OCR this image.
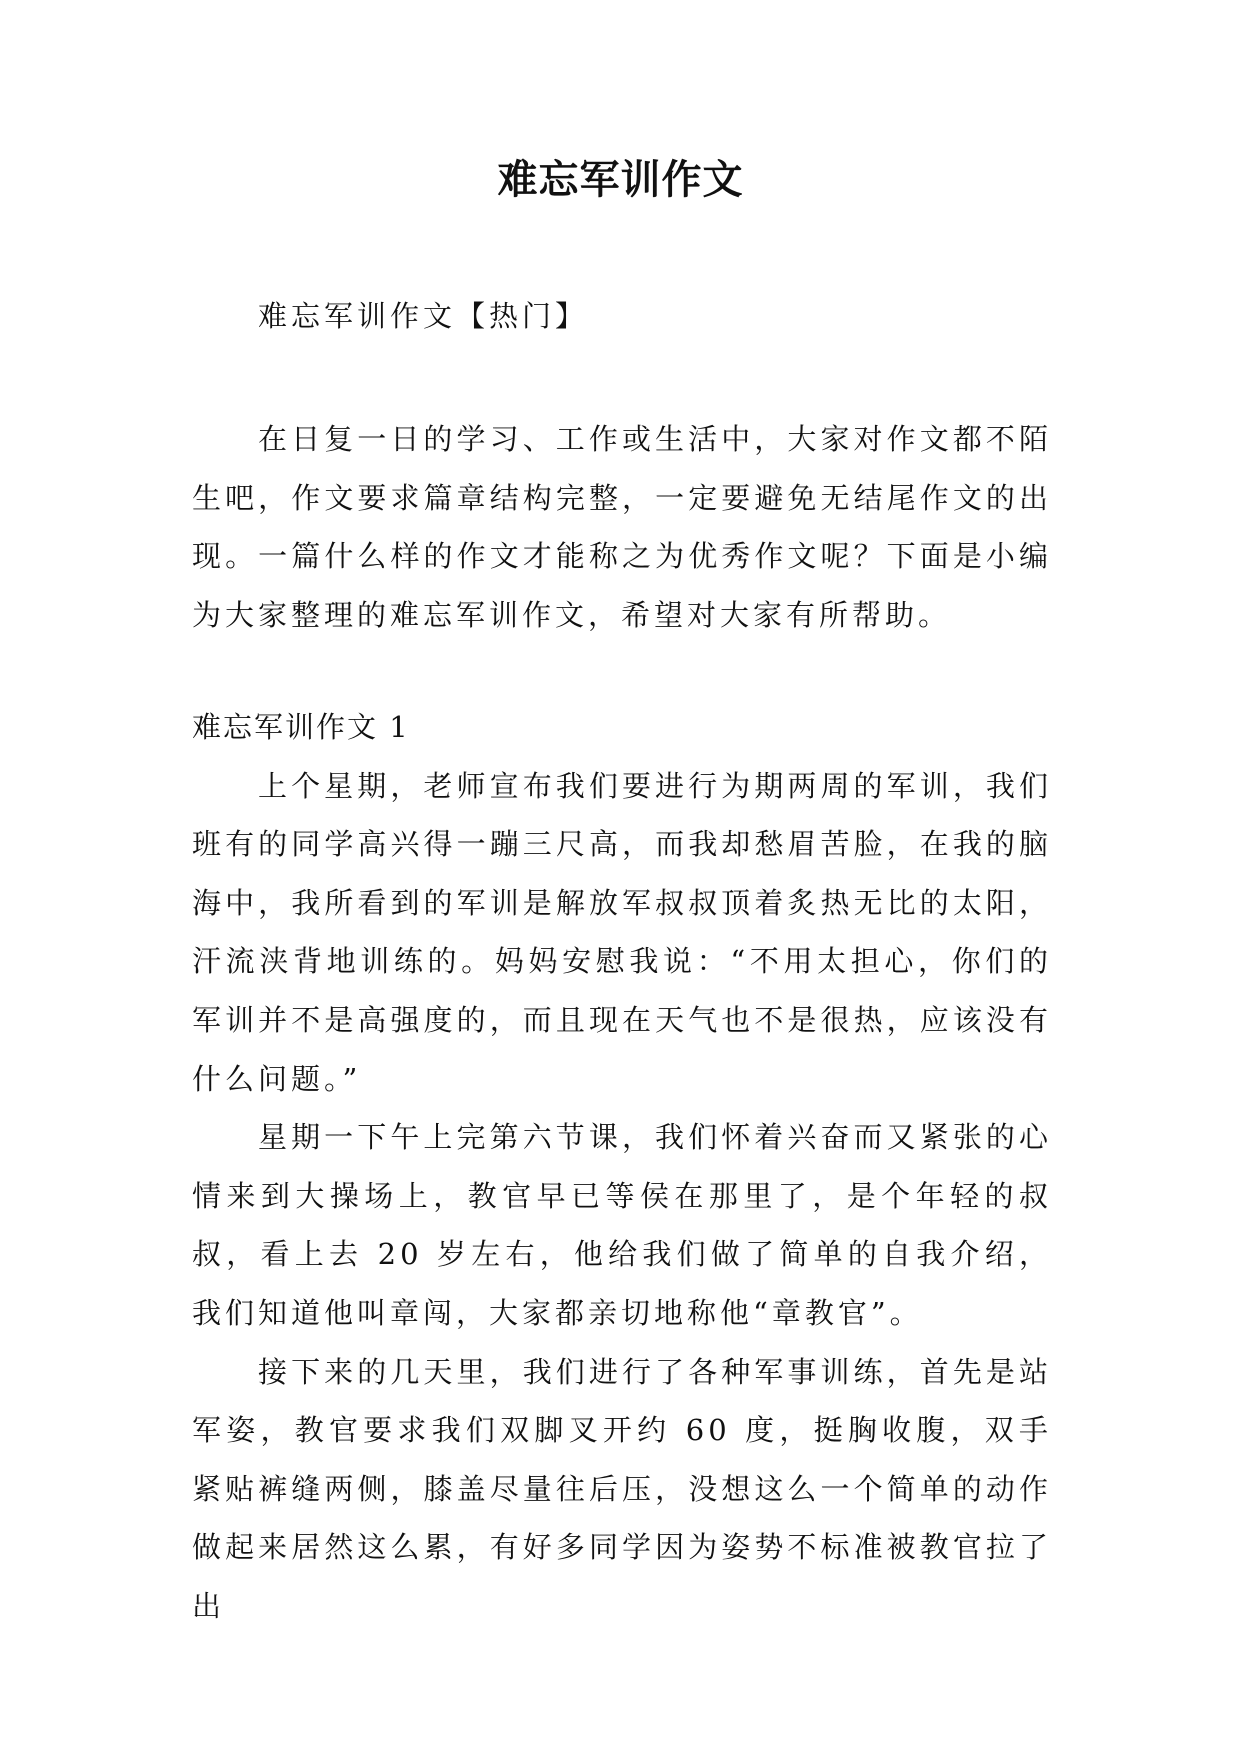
难忘军训作文

难忘军训作文【热门】

在日复一日的学习、工作或生活中，大家对作文都不陌生吧，作文要求篇章结构完整，一定要避免无结尾作文的出现。一篇什么样的作文才能称之为优秀作文呢？下面是小编为大家整理的难忘军训作文，希望对大家有所帮助。

难忘军训作文 1

上个星期，老师宣布我们要进行为期两周的军训，我们班有的同学高兴得一蹦三尺高，而我却愁眉苦脸，在我的脑海中，我所看到的军训是解放军叔叔顶着炙热无比的太阳，汗流浃背地训练的。妈妈安慰我说：“不用太担心，你们的军训并不是高强度的，而且现在天气也不是很热，应该没有什么问题。”

星期一下午上完第六节课，我们怀着兴奋而又紧张的心情来到大操场上，教官早已等侯在那里了，是个年轻的叔叔，看上去 20 岁左右，他给我们做了简单的自我介绍，我们知道他叫章闯，大家都亲切地称他“章教官”。

接下来的几天里，我们进行了各种军事训练，首先是站军姿，教官要求我们双脚叉开约 60 度，挺胸收腹，双手紧贴裤缝两侧，膝盖尽量往后压，没想这么一个简单的动作做起来居然这么累，有好多同学因为姿势不标准被教官拉了出
